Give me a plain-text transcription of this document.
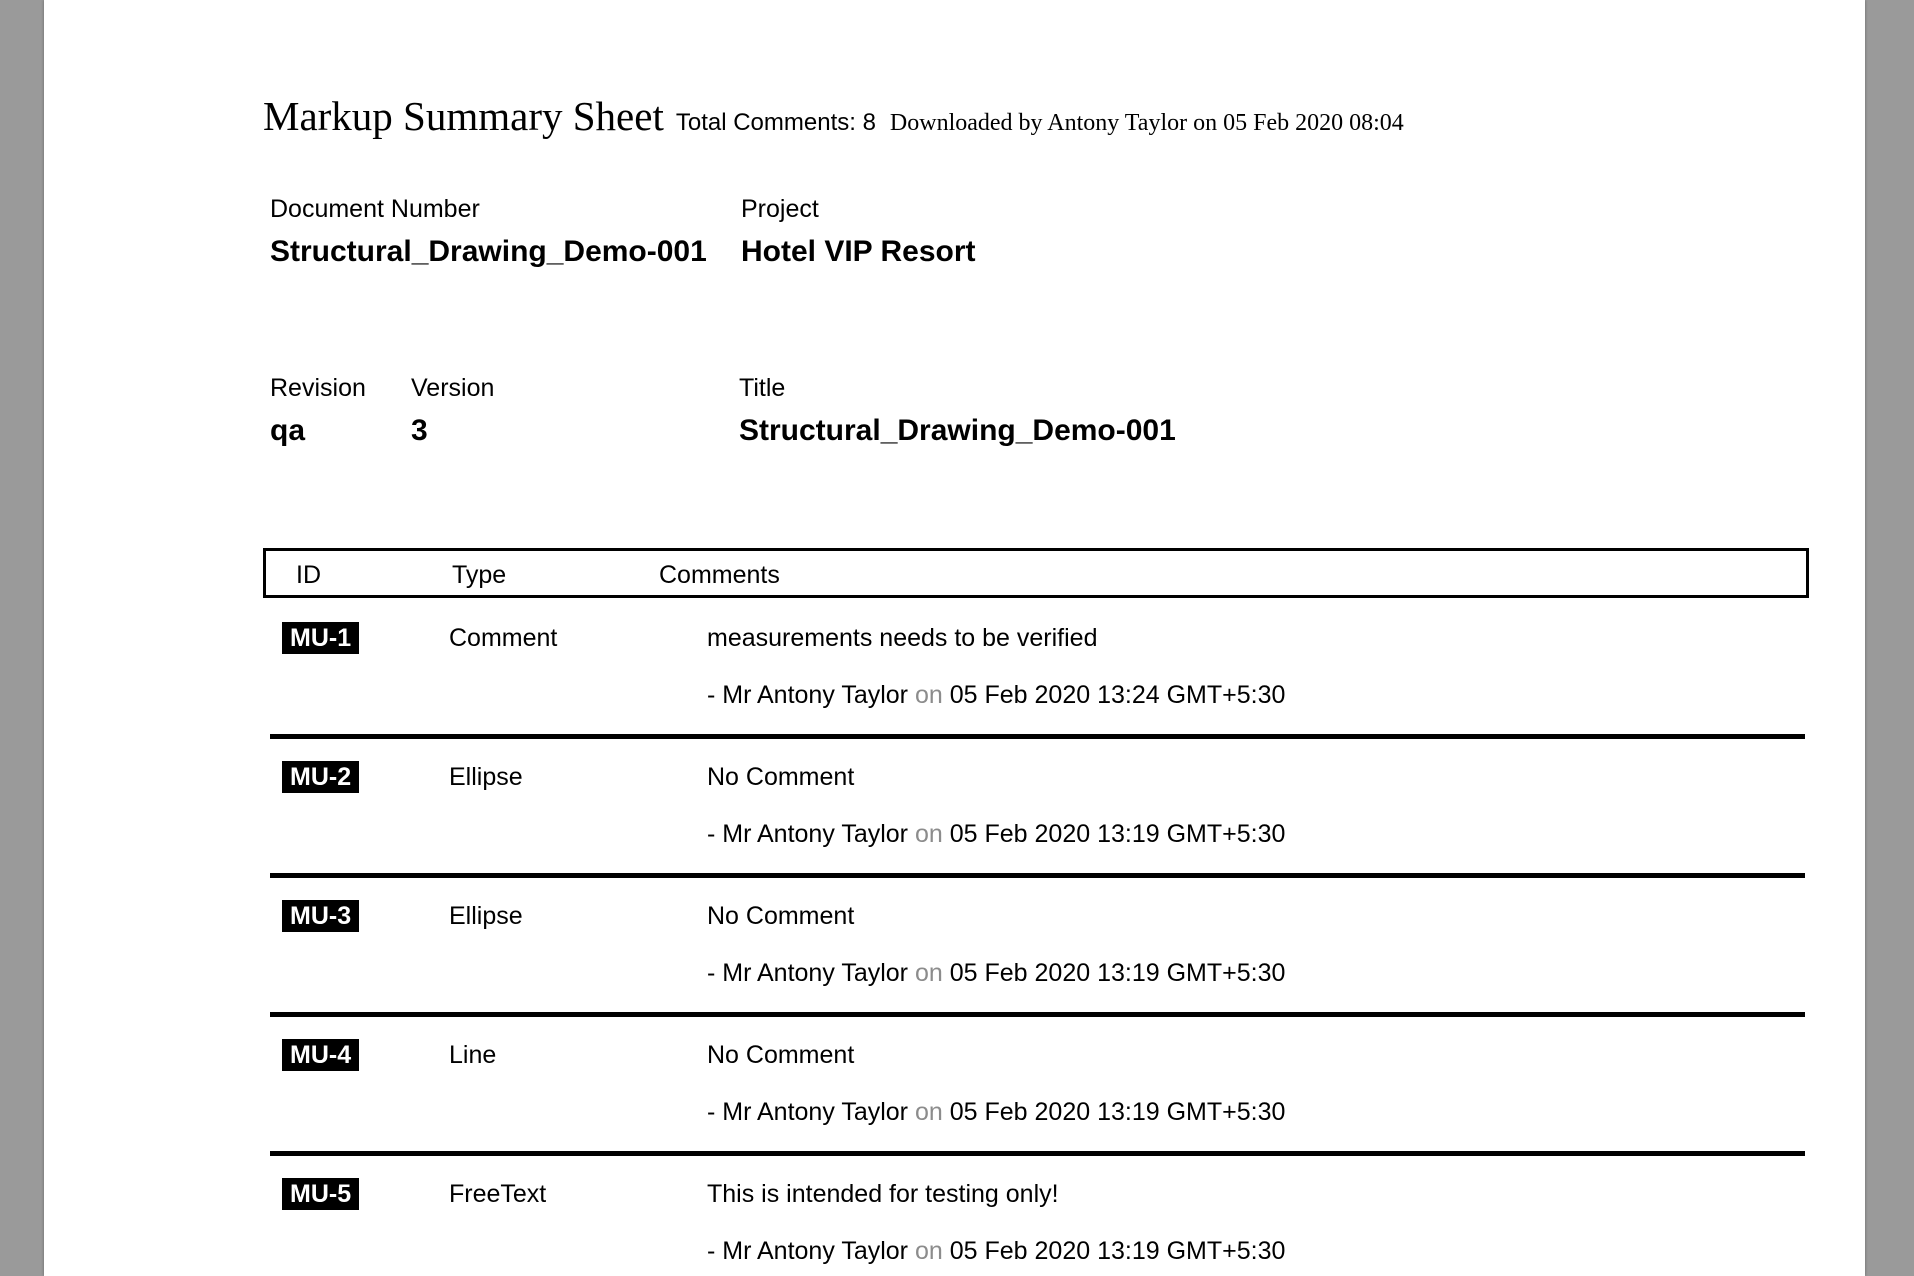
Markup Summary Sheet Total Comments: 8 Downloaded by Antony Taylor on 05 Feb 2020 08:04
Document Number
Structural_Drawing_Demo-001
Project
Hotel VIP Resort
Revision
qa
Version
3
Title
Structural_Drawing_Demo-001
ID	Type	Comments
MU-1	Comment	measurements needs to be verified
- Mr Antony Taylor on 05 Feb 2020 13:24 GMT+5:30
MU-2	Ellipse	No Comment
- Mr Antony Taylor on 05 Feb 2020 13:19 GMT+5:30
MU-3	Ellipse	No Comment
- Mr Antony Taylor on 05 Feb 2020 13:19 GMT+5:30
MU-4	Line	No Comment
- Mr Antony Taylor on 05 Feb 2020 13:19 GMT+5:30
MU-5	FreeText	This is intended for testing only!
- Mr Antony Taylor on 05 Feb 2020 13:19 GMT+5:30
